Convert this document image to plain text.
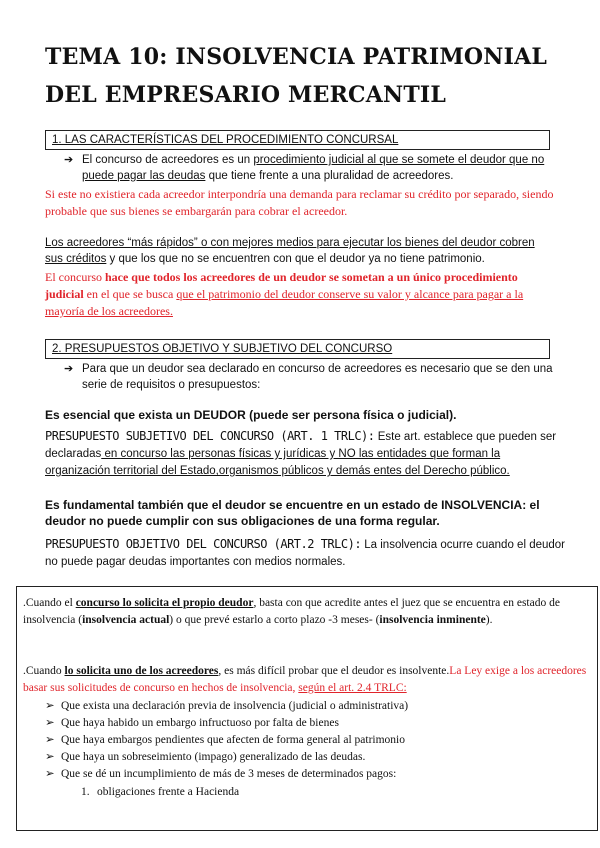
TEMA 10: INSOLVENCIA PATRIMONIAL DEL EMPRESARIO MERCANTIL
1. LAS CARACTERÍSTICAS DEL PROCEDIMIENTO CONCURSAL
➔ El concurso de acreedores es un procedimiento judicial al que se somete el deudor que no puede pagar las deudas que tiene frente a una pluralidad de acreedores.

Si este no existiera cada acreedor interpondría una demanda para reclamar su crédito por separado, siendo probable que sus bienes se embargarán para cobrar el acreedor.

Los acreedores “más rápidos” o con mejores medios para ejecutar los bienes del deudor cobren sus créditos y que los que no se encuentren con que el deudor ya no tiene patrimonio.

El concurso hace que todos los acreedores de un deudor se sometan a un único procedimiento judicial en el que se busca que el patrimonio del deudor conserve su valor y alcance para pagar a la mayoría de los acreedores.

2. PRESUPUESTOS OBJETIVO Y SUBJETIVO DEL CONCURSO
➔ Para que un deudor sea declarado en concurso de acreedores es necesario que se den una serie de requisitos o presupuestos:

Es esencial que exista un DEUDOR (puede ser persona física o judicial).

PRESUPUESTO SUBJETIVO DEL CONCURSO (ART. 1 TRLC): Este art. establece que pueden ser declaradas en concurso las personas físicas y jurídicas y NO las entidades que forman la organización territorial del Estado,organismos públicos y demás entes del Derecho público.

Es fundamental también que el deudor se encuentre en un estado de INSOLVENCIA: el deudor no puede cumplir con sus obligaciones de una forma regular.

PRESUPUESTO OBJETIVO DEL CONCURSO (ART.2 TRLC): La insolvencia ocurre cuando el deudor no puede pagar deudas importantes con medios normales.

.Cuando el concurso lo solicita el propio deudor, basta con que acredite antes el juez que se encuentra en estado de insolvencia (insolvencia actual) o que prevé estarlo a corto plazo -3 meses- (insolvencia inminente).

.Cuando lo solicita uno de los acreedores, es más difícil probar que el deudor es insolvente.La Ley exige a los acreedores basar sus solicitudes de concurso en hechos de insolvencia, según el art. 2.4 TRLC:

➢ Que exista una declaración previa de insolvencia (judicial o administrativa)
➢ Que haya habido un embargo infructuoso por falta de bienes
➢ Que haya embargos pendientes que afecten de forma general al patrimonio
➢ Que haya un sobreseimiento (impago) generalizado de las deudas.
➢ Que se dé un incumplimiento de más de 3 meses de determinados pagos:
1. obligaciones frente a Hacienda
